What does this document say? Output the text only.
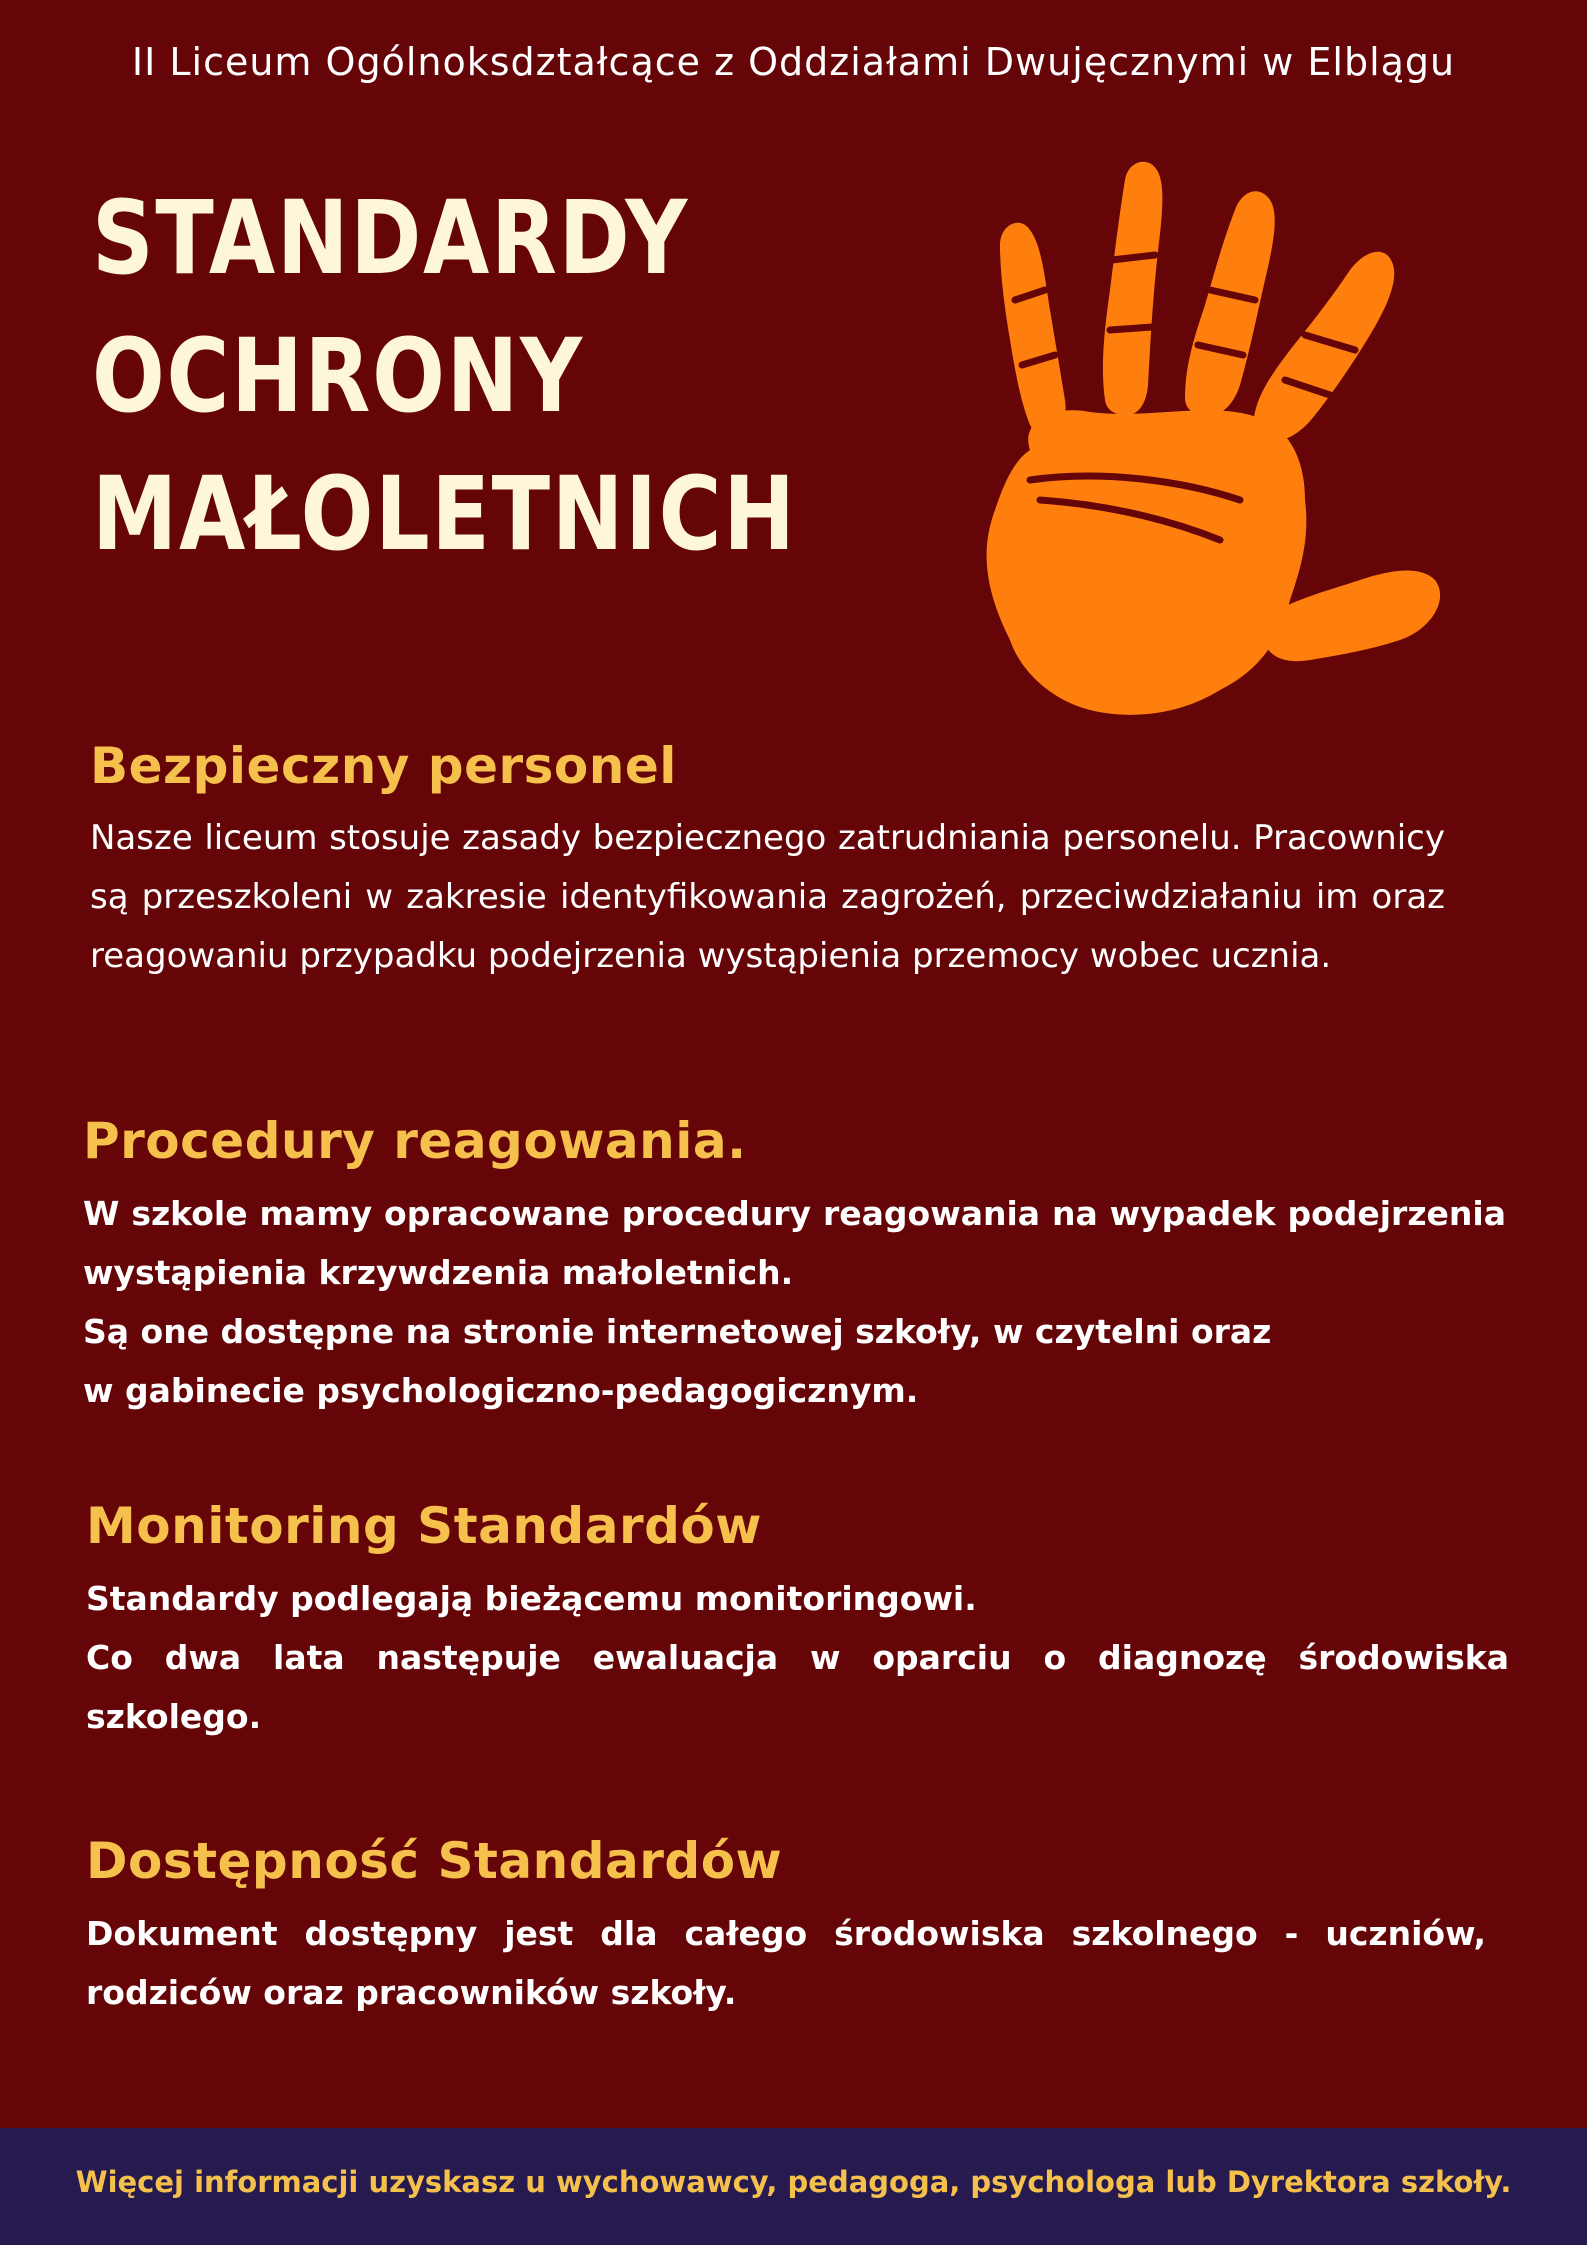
II Liceum Ogólnoksdztałcące z Oddziałami Dwujęcznymi w Elblągu
STANDARDY
OCHRONY
MAŁOLETNICH
Bezpieczny personel

Nasze liceum stosuje zasady bezpiecznego zatrudniania personelu. Pracownicy są przeszkoleni w zakresie identyfikowania zagrożeń, przeciwdziałaniu im oraz reagowaniu przypadku podejrzenia wystąpienia przemocy wobec ucznia.

Procedury reagowania.

W szkole mamy opracowane procedury reagowania na wypadek podejrzenia wystąpienia krzywdzenia małoletnich.

Są one dostępne na stronie internetowej szkoły, w czytelni oraz

w gabinecie psychologiczno-pedagogicznym.

Monitoring Standardów

Standardy podlegają bieżącemu monitoringowi.

Co dwa lata następuje ewaluacja w oparciu o diagnozę środowiska szkolego.

Dostępność Standardów

Dokument dostępny jest dla całego środowiska szkolnego - uczniów, rodziców oraz pracowników szkoły.

Więcej informacji uzyskasz u wychowawcy, pedagoga, psychologa lub Dyrektora szkoły.
